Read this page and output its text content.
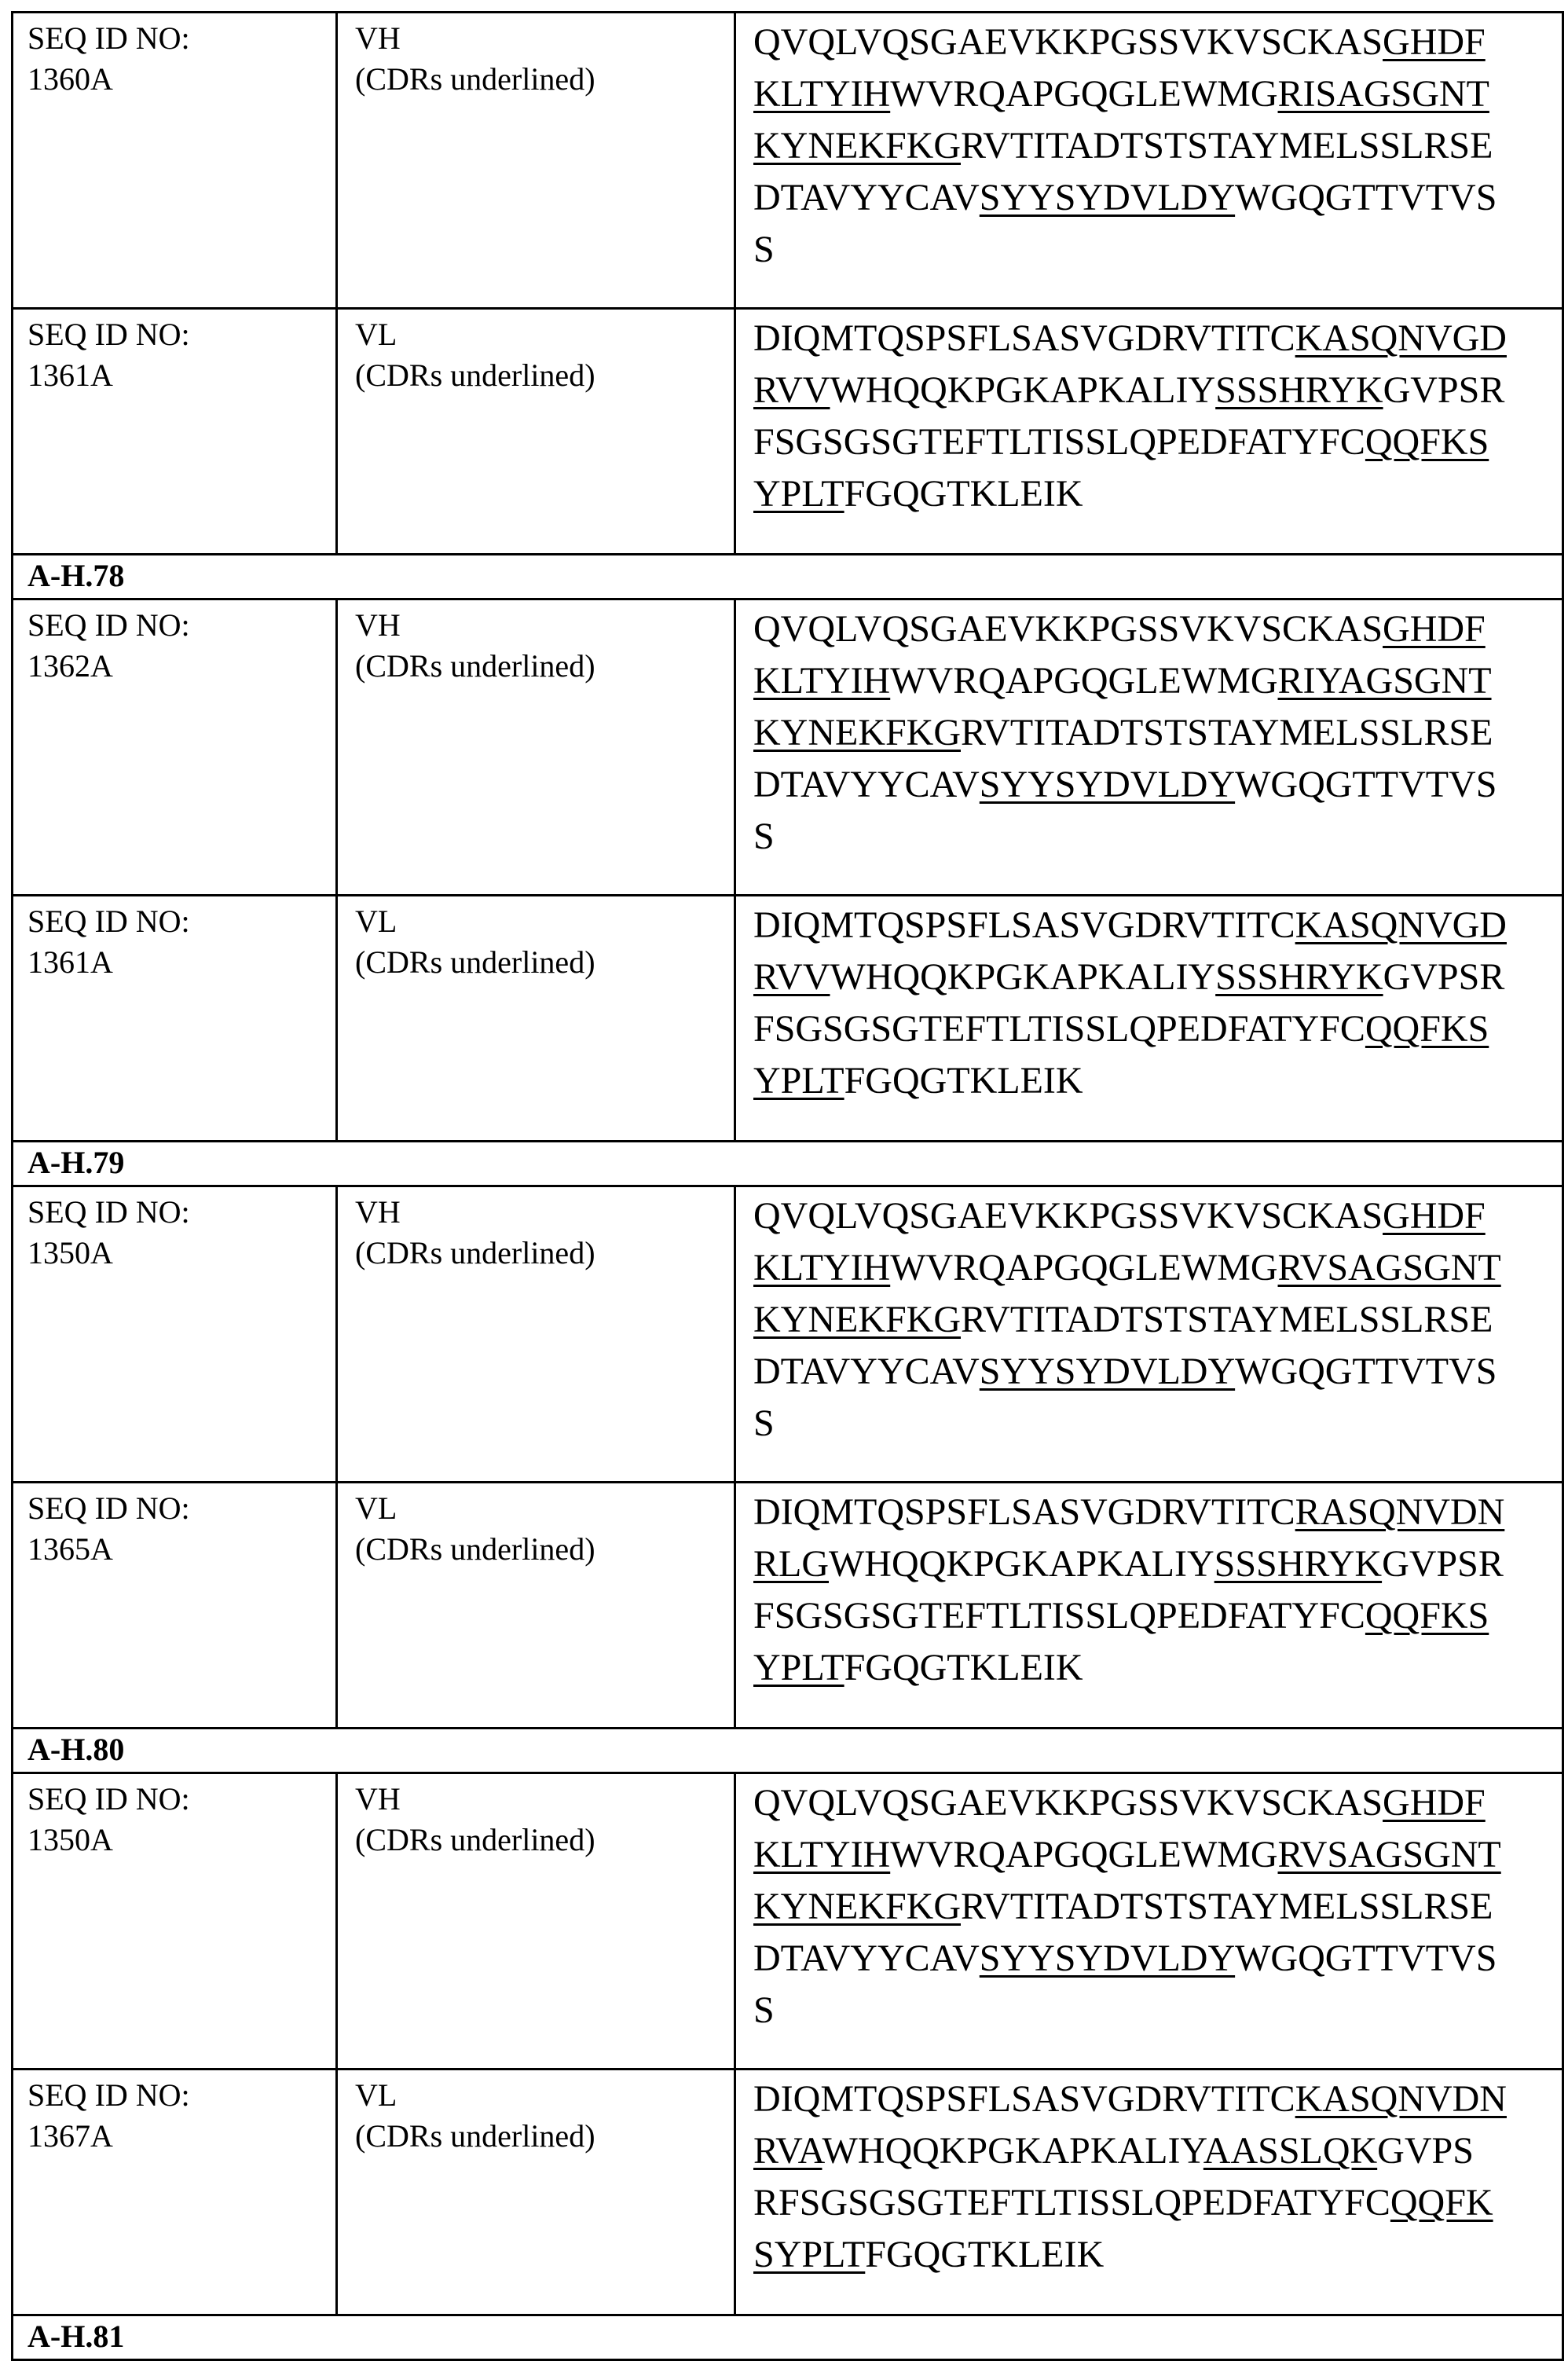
SEQ ID NO:
1360A

VH
(CDRs underlined)

QVQLVQSGAEVKKPGSSVKVSCKASGHDF
KLTYIHWVRQAPGQGLEWMGRISAGSGNT
KYNEKFKGRVTITADTSTSTAYMELSSLRSE
DTAVYYCAVSYYSYDVLDYWGQGTTVTVS
S

SEQ ID NO:
1361A

VL
(CDRs underlined)

DIQMTQSPSFLSASVGDRVTITCKASQNVGD
RVVWHQQKPGKAPKALIYSSSHRYKGVPSR
FSGSGSGTEFTLTISSLQPEDFATYFCQQFKS
YPLTFGQGTKLEIK

A-H.78

SEQ ID NO:
1362A

VH
(CDRs underlined)

QVQLVQSGAEVKKPGSSVKVSCKASGHDF
KLTYIHWVRQAPGQGLEWMGRIYAGSGNT
KYNEKFKGRVTITADTSTSTAYMELSSLRSE
DTAVYYCAVSYYSYDVLDYWGQGTTVTVS
S

SEQ ID NO:
1361A

VL
(CDRs underlined)

DIQMTQSPSFLSASVGDRVTITCKASQNVGD
RVVWHQQKPGKAPKALIYSSSHRYKGVPSR
FSGSGSGTEFTLTISSLQPEDFATYFCQQFKS
YPLTFGQGTKLEIK

A-H.79

SEQ ID NO:
1350A

VH
(CDRs underlined)

QVQLVQSGAEVKKPGSSVKVSCKASGHDF
KLTYIHWVRQAPGQGLEWMGRVSAGSGNT
KYNEKFKGRVTITADTSTSTAYMELSSLRSE
DTAVYYCAVSYYSYDVLDYWGQGTTVTVS
S

SEQ ID NO:
1365A

VL
(CDRs underlined)

DIQMTQSPSFLSASVGDRVTITCRASQNVDN
RLGWHQQKPGKAPKALIYSSSHRYKGVPSR
FSGSGSGTEFTLTISSLQPEDFATYFCQQFKS
YPLTFGQGTKLEIK

A-H.80

SEQ ID NO:
1350A

VH
(CDRs underlined)

QVQLVQSGAEVKKPGSSVKVSCKASGHDF
KLTYIHWVRQAPGQGLEWMGRVSAGSGNT
KYNEKFKGRVTITADTSTSTAYMELSSLRSE
DTAVYYCAVSYYSYDVLDYWGQGTTVTVS
S

SEQ ID NO:
1367A

VL
(CDRs underlined)

DIQMTQSPSFLSASVGDRVTITCKASQNVDN
RVAWHQQKPGKAPKALIYAASSLQKGVPS
RFSGSGSGTEFTLTISSLQPEDFATYFCQQFK
SYPLTFGQGTKLEIK

A-H.81
